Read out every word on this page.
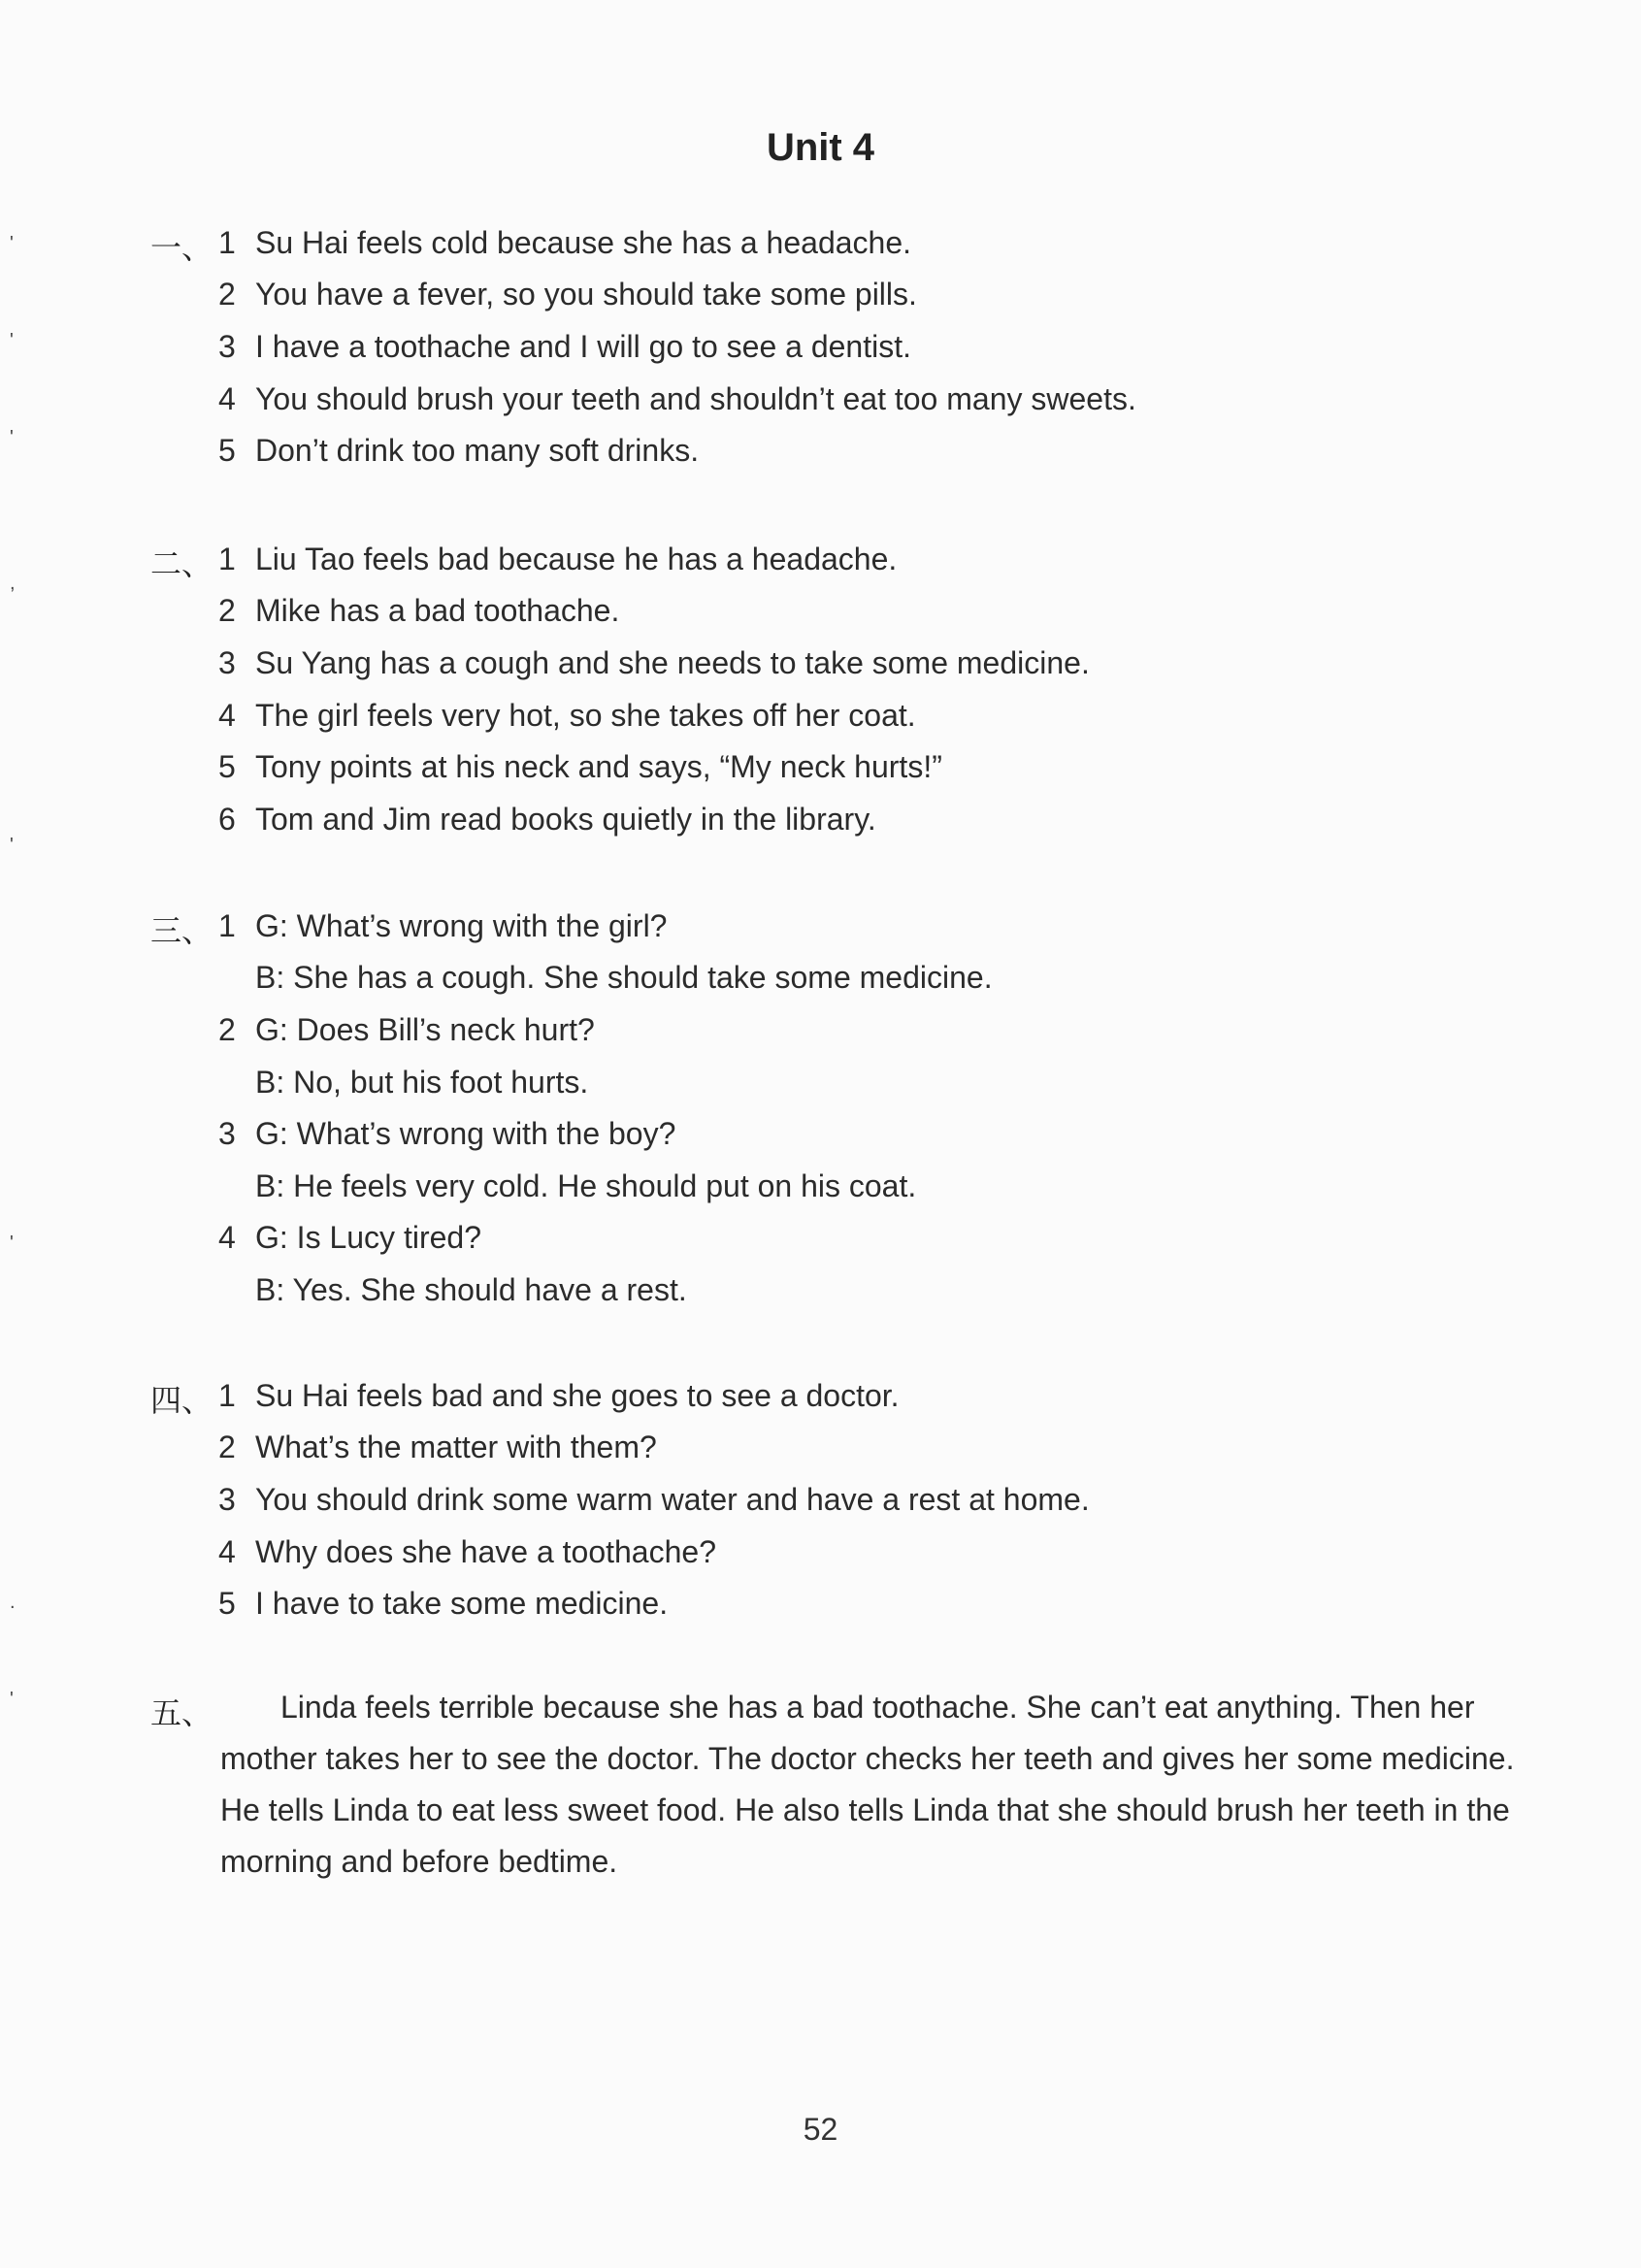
'
'
'
,
'
'
.
'
Unit 4
一、 1 Su Hai feels cold because she has a headache.
2 You have a fever, so you should take some pills.
3 I have a toothache and I will go to see a dentist.
4 You should brush your teeth and shouldn’t eat too many sweets.
5 Don’t drink too many soft drinks.
二、 1 Liu Tao feels bad because he has a headache.
2 Mike has a bad toothache.
3 Su Yang has a cough and she needs to take some medicine.
4 The girl feels very hot, so she takes off her coat.
5 Tony points at his neck and says, “My neck hurts!”
6 Tom and Jim read books quietly in the library.
三、 1 G: What’s wrong with the girl?
B: She has a cough. She should take some medicine.
2 G: Does Bill’s neck hurt?
B: No, but his foot hurts.
3 G: What’s wrong with the boy?
B: He feels very cold. He should put on his coat.
4 G: Is Lucy tired?
B: Yes. She should have a rest.
四、 1 Su Hai feels bad and she goes to see a doctor.
2 What’s the matter with them?
3 You should drink some warm water and have a rest at home.
4 Why does she have a toothache?
5 I have to take some medicine.
五、	Linda feels terrible because she has a bad toothache. She can’t eat anything. Then her mother takes her to see the doctor. The doctor checks her teeth and gives her some medicine. He tells Linda to eat less sweet food. He also tells Linda that she should brush her teeth in the morning and before bedtime.
52
